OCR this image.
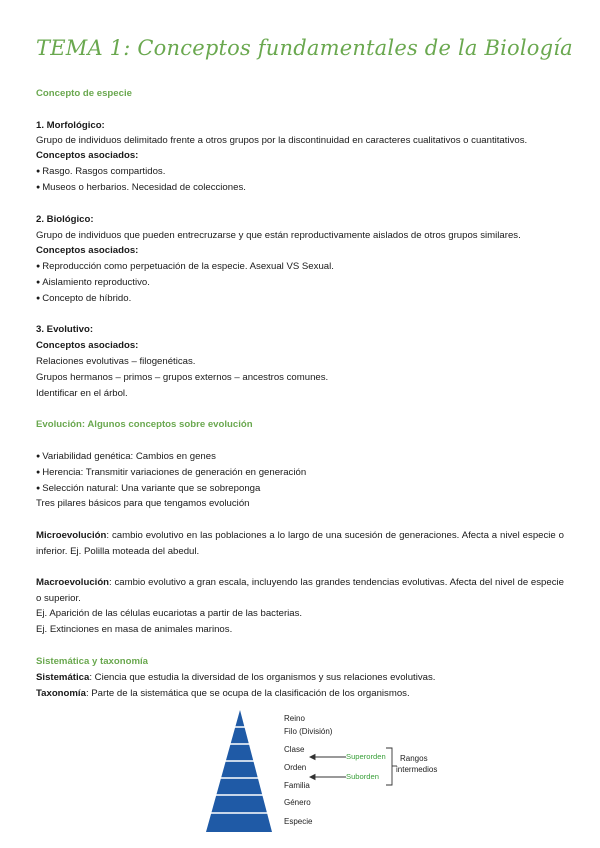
TEMA 1: Conceptos fundamentales de la Biología
Concepto de especie
1. Morfológico:
Grupo de individuos delimitado frente a otros grupos por la discontinuidad en caracteres cualitativos o cuantitativos.
Conceptos asociados:
● Rasgo. Rasgos compartidos.
● Museos o herbarios. Necesidad de colecciones.
2. Biológico:
Grupo de individuos que pueden entrecruzarse y que están reproductivamente aislados de otros grupos similares.
Conceptos asociados:
● Reproducción como perpetuación de la especie. Asexual VS Sexual.
● Aislamiento reproductivo.
● Concepto de híbrido.
3. Evolutivo:
Conceptos asociados:
Relaciones evolutivas – filogenéticas.
Grupos hermanos – primos – grupos externos – ancestros comunes.
Identificar en el árbol.
Evolución: Algunos conceptos sobre evolución
● Variabilidad genética: Cambios en genes
● Herencia: Transmitir variaciones de generación en generación
● Selección natural: Una variante que se sobreponga
Tres pilares básicos para que tengamos evolución
Microevolución: cambio evolutivo en las poblaciones a lo largo de una sucesión de generaciones. Afecta a nivel especie o inferior. Ej. Polilla moteada del abedul.
Macroevolución: cambio evolutivo a gran escala, incluyendo las grandes tendencias evolutivas. Afecta del nivel de especie o superior.
Ej. Aparición de las células eucariotas a partir de las bacterias.
Ej. Extinciones en masa de animales marinos.
Sistemática y taxonomía
Sistemática: Ciencia que estudia la diversidad de los organismos y sus relaciones evolutivas.
Taxonomía: Parte de la sistemática que se ocupa de la clasificación de los organismos.
Reino
Filo (División)
Clase
Orden
Familia
Género
Especie
Superorden
Suborden
Rangos
intermedios
